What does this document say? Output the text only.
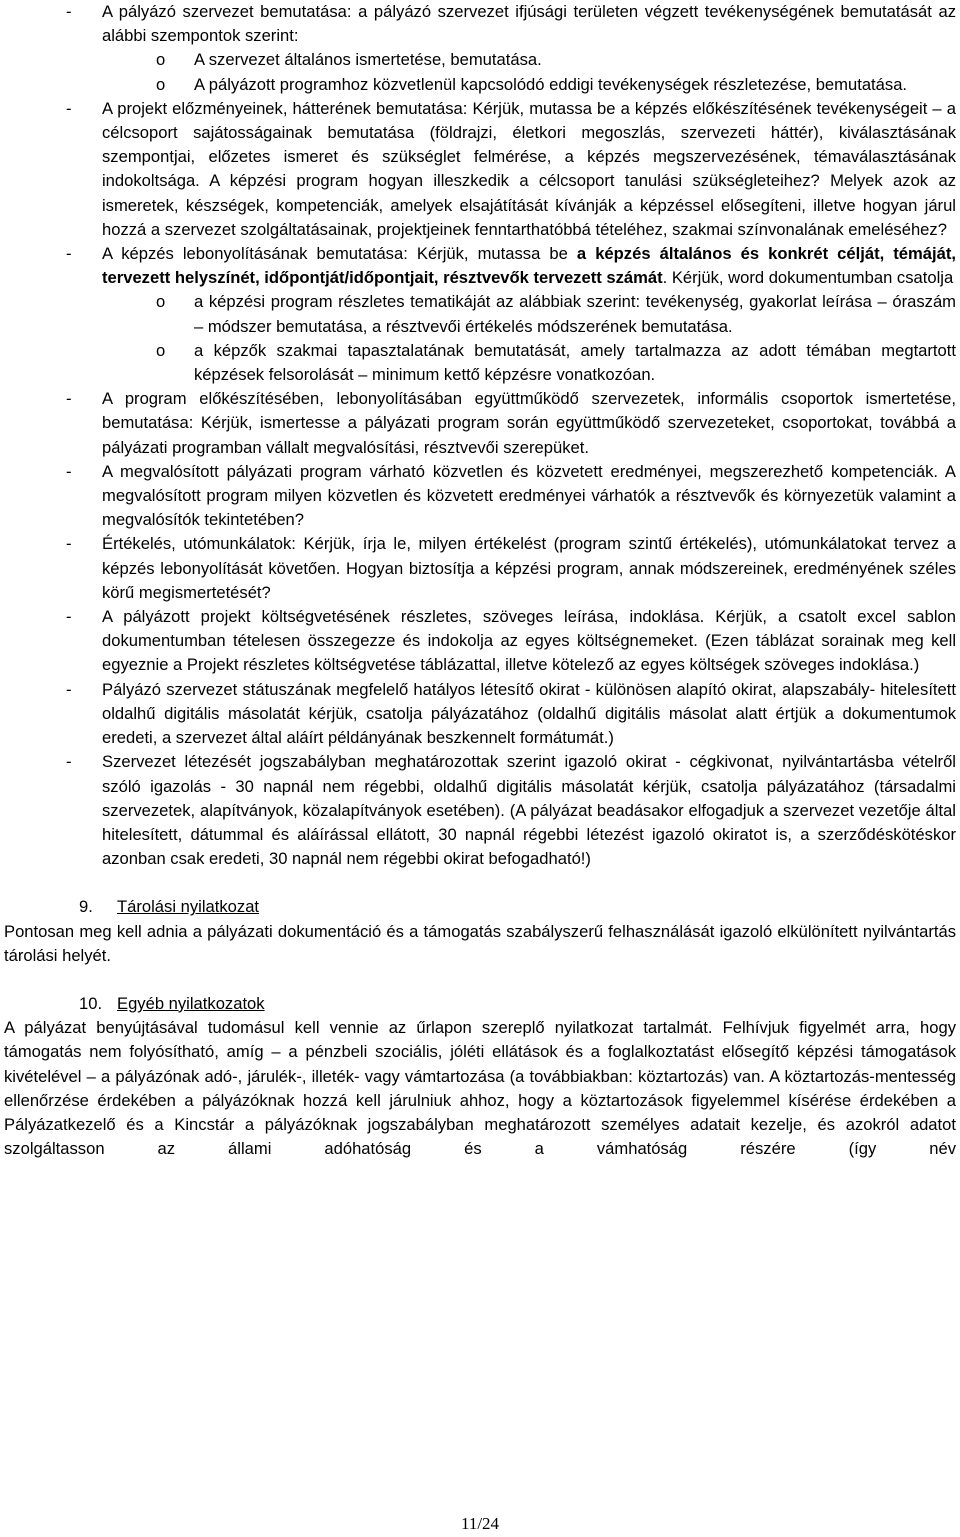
- A pályázó szervezet bemutatása: a pályázó szervezet ifjúsági területen végzett tevékenységének bemutatását az alábbi szempontok szerint:
o A szervezet általános ismertetése, bemutatása.
o A pályázott programhoz közvetlenül kapcsolódó eddigi tevékenységek részletezése, bemutatása.
- A projekt előzményeinek, hátterének bemutatása: Kérjük, mutassa be a képzés előkészítésének tevékenységeit – a célcsoport sajátosságainak bemutatása (földrajzi, életkori megoszlás, szervezeti háttér), kiválasztásának szempontjai, előzetes ismeret és szükséglet felmérése, a képzés megszervezésének, témaválasztásának indokoltsága. A képzési program hogyan illeszkedik a célcsoport tanulási szükségleteihez? Melyek azok az ismeretek, készségek, kompetenciák, amelyek elsajátítását kívánják a képzéssel elősegíteni, illetve hogyan járul hozzá a szervezet szolgáltatásainak, projektjeinek fenntarthatóbbá tételéhez, szakmai színvonalának emeléséhez?
- A képzés lebonyolításának bemutatása: Kérjük, mutassa be a képzés általános és konkrét célját, témáját, tervezett helyszínét, időpontját/időpontjait, résztvevők tervezett számát. Kérjük, word dokumentumban csatolja
o a képzési program részletes tematikáját az alábbiak szerint: tevékenység, gyakorlat leírása – óraszám – módszer bemutatása, a résztvevői értékelés módszerének bemutatása.
o a képzők szakmai tapasztalatának bemutatását, amely tartalmazza az adott témában megtartott képzések felsorolását – minimum kettő képzésre vonatkozóan.
- A program előkészítésében, lebonyolításában együttműködő szervezetek, informális csoportok ismertetése, bemutatása: Kérjük, ismertesse a pályázati program során együttműködő szervezeteket, csoportokat, továbbá a pályázati programban vállalt megvalósítási, résztvevői szerepüket.
- A megvalósított pályázati program várható közvetlen és közvetett eredményei, megszerezhető kompetenciák. A megvalósított program milyen közvetlen és közvetett eredményei várhatók a résztvevők és környezetük valamint a megvalósítók tekintetében?
- Értékelés, utómunkálatok: Kérjük, írja le, milyen értékelést (program szintű értékelés), utómunkálatokat tervez a képzés lebonyolítását követően. Hogyan biztosítja a képzési program, annak módszereinek, eredményének széles körű megismertetését?
- A pályázott projekt költségvetésének részletes, szöveges leírása, indoklása. Kérjük, a csatolt excel sablon dokumentumban tételesen összegezze és indokolja az egyes költségnemeket. (Ezen táblázat sorainak meg kell egyeznie a Projekt részletes költségvetése táblázattal, illetve kötelező az egyes költségek szöveges indoklása.)
- Pályázó szervezet státuszának megfelelő hatályos létesítő okirat - különösen alapító okirat, alapszabály- hitelesített oldalhű digitális másolatát kérjük, csatolja pályázatához (oldalhű digitális másolat alatt értjük a dokumentumok eredeti, a szervezet által aláírt példányának beszkennelt formátumát.)
- Szervezet létezését jogszabályban meghatározottak szerint igazoló okirat - cégkivonat, nyilvántartásba vételről szóló igazolás - 30 napnál nem régebbi, oldalhű digitális másolatát kérjük, csatolja pályázatához (társadalmi szervezetek, alapítványok, közalapítványok esetében). (A pályázat beadásakor elfogadjuk a szervezet vezetője által hitelesített, dátummal és aláírással ellátott, 30 napnál régebbi létezést igazoló okiratot is, a szerződéskötéskor azonban csak eredeti, 30 napnál nem régebbi okirat befogadható!)
9. Tárolási nyilatkozat
Pontosan meg kell adnia a pályázati dokumentáció és a támogatás szabályszerű felhasználását igazoló elkülönített nyilvántartás tárolási helyét.
10. Egyéb nyilatkozatok
A pályázat benyújtásával tudomásul kell vennie az űrlapon szereplő nyilatkozat tartalmát. Felhívjuk figyelmét arra, hogy támogatás nem folyósítható, amíg – a pénzbeli szociális, jóléti ellátások és a foglalkoztatást elősegítő képzési támogatások kivételével – a pályázónak adó-, járulék-, illeték- vagy vámtartozása (a továbbiakban: köztartozás) van. A köztartozás-mentesség ellenőrzése érdekében a pályázóknak hozzá kell járulniuk ahhoz, hogy a köztartozások figyelemmel kísérése érdekében a Pályázatkezelő és a Kincstár a pályázóknak jogszabályban meghatározott személyes adatait kezelje, és azokról adatot szolgáltasson az állami adóhatóság és a vámhatóság részére (így név
11/24
